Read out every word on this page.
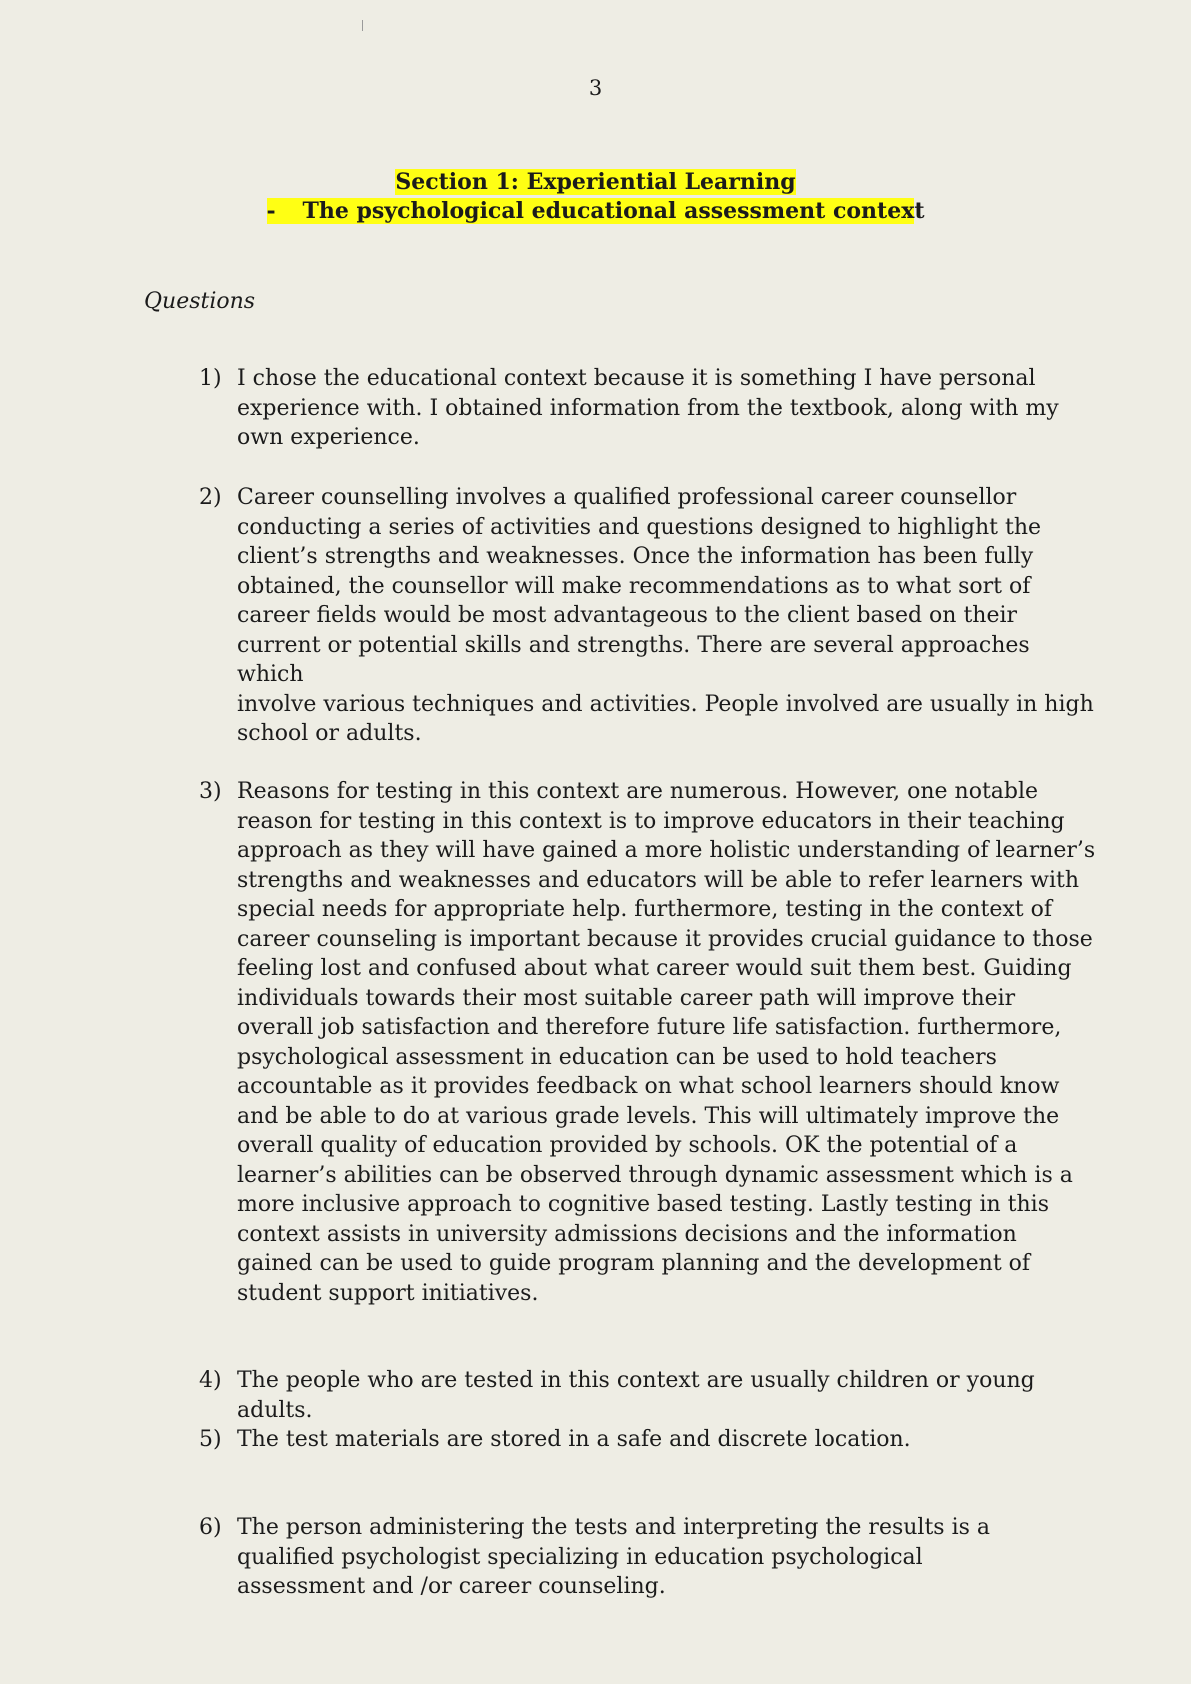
3
Section 1: Experiential Learning
- The psychological educational assessment context
Questions
1) I chose the educational context because it is something I have personal
experience with. I obtained information from the textbook, along with my
own experience.
2) Career counselling involves a qualified professional career counsellor
conducting a series of activities and questions designed to highlight the
client’s strengths and weaknesses. Once the information has been fully
obtained, the counsellor will make recommendations as to what sort of
career fields would be most advantageous to the client based on their
current or potential skills and strengths. There are several approaches which
involve various techniques and activities. People involved are usually in high
school or adults.
3) Reasons for testing in this context are numerous. However, one notable
reason for testing in this context is to improve educators in their teaching
approach as they will have gained a more holistic understanding of learner’s
strengths and weaknesses and educators will be able to refer learners with
special needs for appropriate help. furthermore, testing in the context of
career counseling is important because it provides crucial guidance to those
feeling lost and confused about what career would suit them best. Guiding
individuals towards their most suitable career path will improve their
overall job satisfaction and therefore future life satisfaction. furthermore,
psychological assessment in education can be used to hold teachers
accountable as it provides feedback on what school learners should know
and be able to do at various grade levels. This will ultimately improve the
overall quality of education provided by schools. OK the potential of a
learner’s abilities can be observed through dynamic assessment which is a
more inclusive approach to cognitive based testing. Lastly testing in this
context assists in university admissions decisions and the information
gained can be used to guide program planning and the development of
student support initiatives.
4) The people who are tested in this context are usually children or young adults.
5) The test materials are stored in a safe and discrete location.
6) The person administering the tests and interpreting the results is a
qualified psychologist specializing in education psychological
assessment and /or career counseling.
